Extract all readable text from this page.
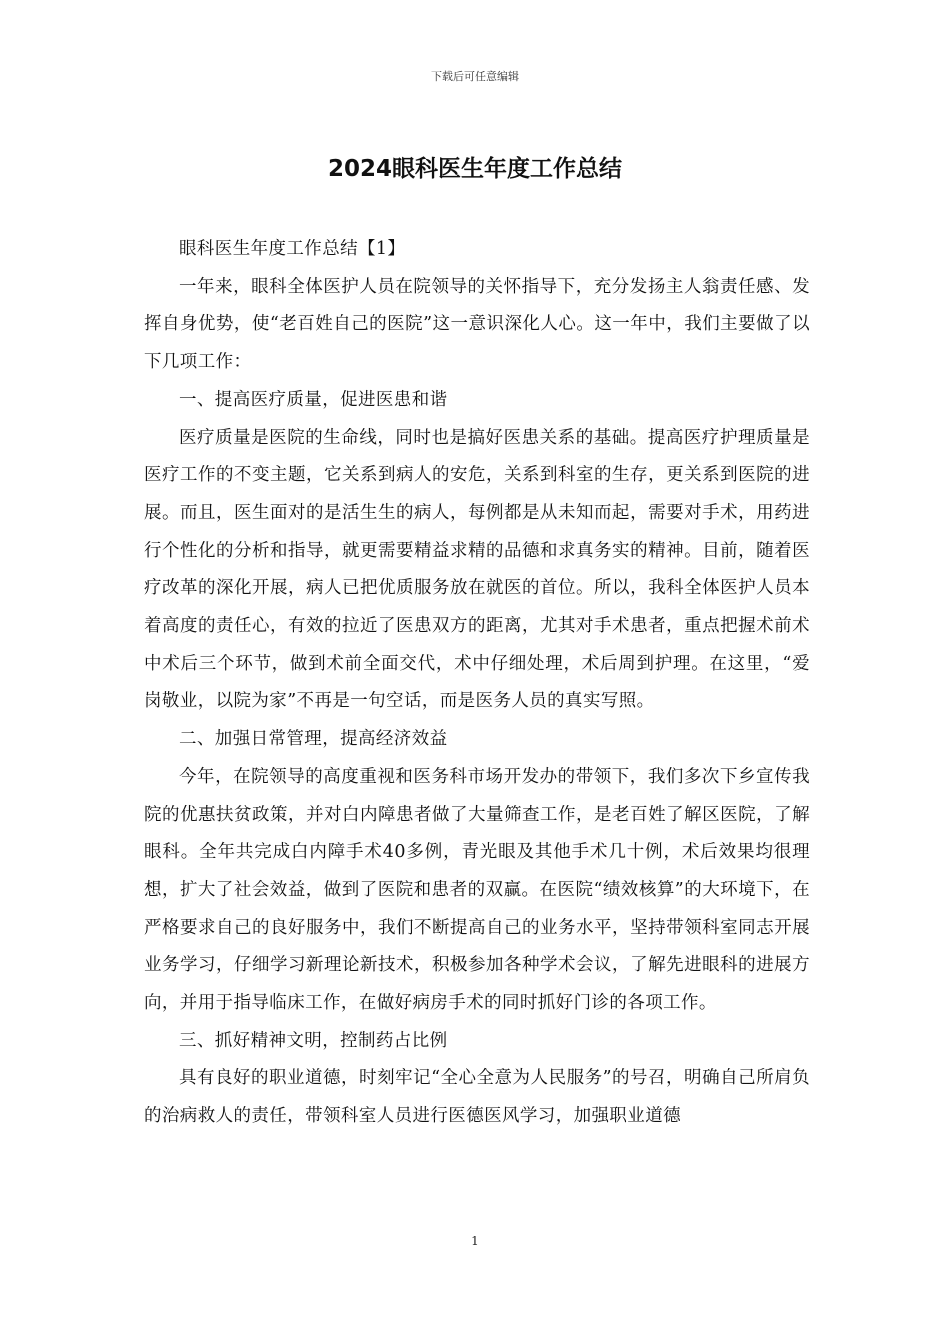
下载后可任意编辑
2024眼科医生年度工作总结

眼科医生年度工作总结【1】

一年来，眼科全体医护人员在院领导的关怀指导下，充分发扬主人翁责任感、发挥自身优势，使“老百姓自己的医院”这一意识深化人心。这一年中，我们主要做了以下几项工作：

一、提高医疗质量，促进医患和谐

医疗质量是医院的生命线，同时也是搞好医患关系的基础。提高医疗护理质量是医疗工作的不变主题，它关系到病人的安危，关系到科室的生存，更关系到医院的进展。而且，医生面对的是活生生的病人，每例都是从未知而起，需要对手术，用药进行个性化的分析和指导，就更需要精益求精的品德和求真务实的精神。目前，随着医疗改革的深化开展，病人已把优质服务放在就医的首位。所以，我科全体医护人员本着高度的责任心，有效的拉近了医患双方的距离，尤其对手术患者，重点把握术前术中术后三个环节，做到术前全面交代，术中仔细处理，术后周到护理。在这里，“爱岗敬业，以院为家”不再是一句空话，而是医务人员的真实写照。

二、加强日常管理，提高经济效益

今年，在院领导的高度重视和医务科市场开发办的带领下，我们多次下乡宣传我院的优惠扶贫政策，并对白内障患者做了大量筛查工作，是老百姓了解区医院，了解眼科。全年共完成白内障手术40多例，青光眼及其他手术几十例，术后效果均很理想，扩大了社会效益，做到了医院和患者的双赢。在医院“绩效核算”的大环境下，在严格要求自己的良好服务中，我们不断提高自己的业务水平，坚持带领科室同志开展业务学习，仔细学习新理论新技术，积极参加各种学术会议，了解先进眼科的进展方向，并用于指导临床工作，在做好病房手术的同时抓好门诊的各项工作。

三、抓好精神文明，控制药占比例

具有良好的职业道德，时刻牢记“全心全意为人民服务”的号召，明确自己所肩负的治病救人的责任，带领科室人员进行医德医风学习，加强职业道德

1
